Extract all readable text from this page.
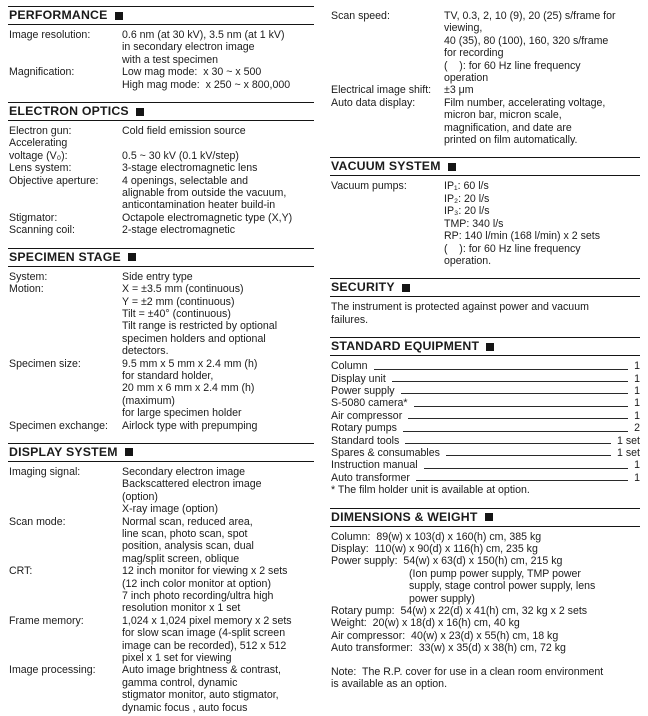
PERFORMANCE
Image resolution:	0.6 nm (at 30 kV), 3.5 nm (at 1 kV)
in secondary electron image
with a test specimen
Magnification:	Low mag mode:  x 30 ~ x 500
High mag mode:  x 250 ~ x 800,000
ELECTRON OPTICS
Electron gun:	Cold field emission source
Accelerating
voltage (V₀):	0.5 ~ 30 kV (0.1 kV/step)
Lens system:	3-stage electromagnetic lens
Objective aperture:	4 openings, selectable and
alignable from outside the vacuum,
anticontamination heater build-in
Stigmator:	Octapole electromagnetic type (X,Y)
Scanning coil:	2-stage electromagnetic
SPECIMEN STAGE
System:	Side entry type
Motion:	X = ±3.5 mm (continuous)
Y = ±2 mm (continuous)
Tilt = ±40° (continuous)
Tilt range is restricted by optional
specimen holders and optional
detectors.
Specimen size:	9.5 mm x 5 mm x 2.4 mm (h)
for standard holder,
20 mm x 6 mm x 2.4 mm (h)
(maximum)
for large specimen holder
Specimen exchange:	Airlock type with prepumping
DISPLAY SYSTEM
Imaging signal:	Secondary electron image
Backscattered electron image
(option)
X-ray image (option)
Scan mode:	Normal scan, reduced area,
line scan, photo scan, spot
position, analysis scan, dual
mag/split screen, oblique
CRT:	12 inch monitor for viewing x 2 sets
(12 inch color monitor at option)
7 inch photo recording/ultra high
resolution monitor x 1 set
Frame memory:	1,024 x 1,024 pixel memory x 2 sets
for slow scan image (4-split screen
image can be recorded), 512 x 512
pixel x 1 set for viewing
Image processing:	Auto image brightness & contrast,
gamma control, dynamic
stigmator monitor, auto stigmator,
dynamic focus , auto focus
Scan speed:	TV, 0.3, 2, 10 (9), 20 (25) s/frame for
viewing,
40 (35), 80 (100), 160, 320 s/frame
for recording
(    ): for 60 Hz line frequency
operation
Electrical image shift:	±3 μm
Auto data display:	Film number, accelerating voltage,
micron bar, micron scale,
magnification, and date are
printed on film automatically.
VACUUM SYSTEM
Vacuum pumps:	IP₁: 60 l/s
IP₂: 20 l/s
IP₃: 20 l/s
TMP: 340 l/s
RP: 140 l/min (168 l/min) x 2 sets
(    ): for 60 Hz line frequency
operation.
SECURITY
The instrument is protected against power and vacuum
failures.
STANDARD EQUIPMENT
Column	1
Display unit	1
Power supply	1
S-5080 camera*	1
Air compressor	1
Rotary pumps	2
Standard tools	1 set
Spares & consumables	1 set
Instruction manual	1
Auto transformer	1
* The film holder unit is available at option.
DIMENSIONS & WEIGHT
Column:  89(w) x 103(d) x 160(h) cm, 385 kg
Display:  110(w) x 90(d) x 116(h) cm, 235 kg
Power supply:  54(w) x 63(d) x 150(h) cm, 215 kg
(Ion pump power supply, TMP power
supply, stage control power supply, lens
power supply)
Rotary pump:  54(w) x 22(d) x 41(h) cm, 32 kg x 2 sets
Weight:  20(w) x 18(d) x 16(h) cm, 40 kg
Air compressor:  40(w) x 23(d) x 55(h) cm, 18 kg
Auto transformer:  33(w) x 35(d) x 38(h) cm, 72 kg
Note:  The R.P. cover for use in a clean room environment
is available as an option.
